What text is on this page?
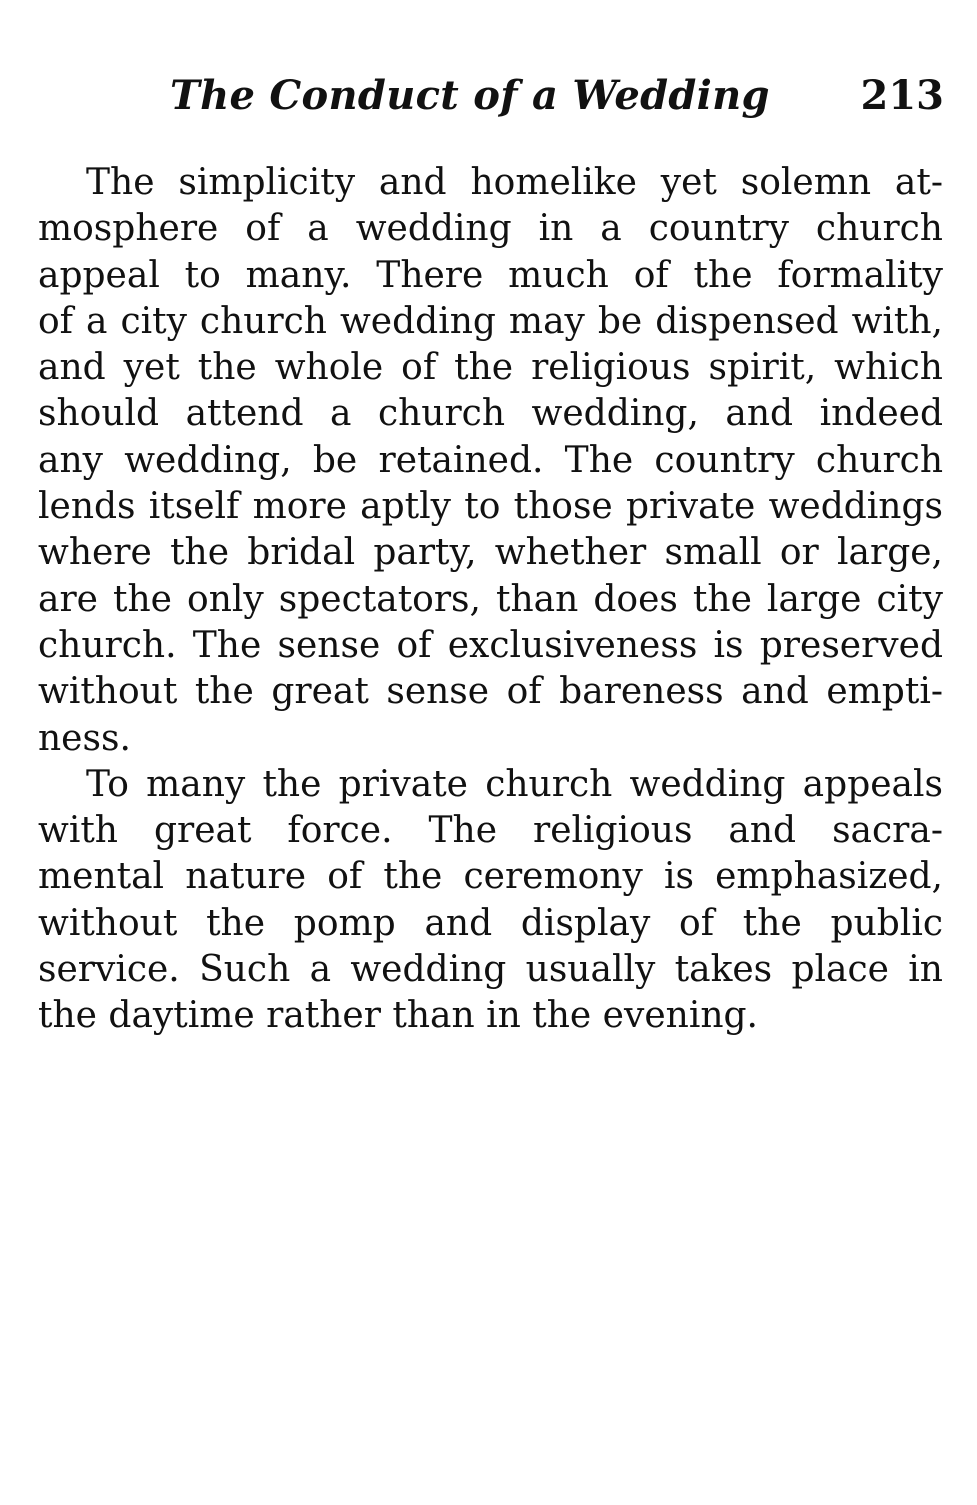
The Conduct of a Wedding 213
The simplicity and homelike yet solemn at-
mosphere of a wedding in a country church
appeal to many. There much of the formality
of a city church wedding may be dispensed with,
and yet the whole of the religious spirit, which
should attend a church wedding, and indeed
any wedding, be retained. The country church
lends itself more aptly to those private weddings
where the bridal party, whether small or large,
are the only spectators, than does the large city
church. The sense of exclusiveness is preserved
without the great sense of bareness and empti-
ness.
To many the private church wedding appeals
with great force. The religious and sacra-
mental nature of the ceremony is emphasized,
without the pomp and display of the public
service. Such a wedding usually takes place in
the daytime rather than in the evening.
